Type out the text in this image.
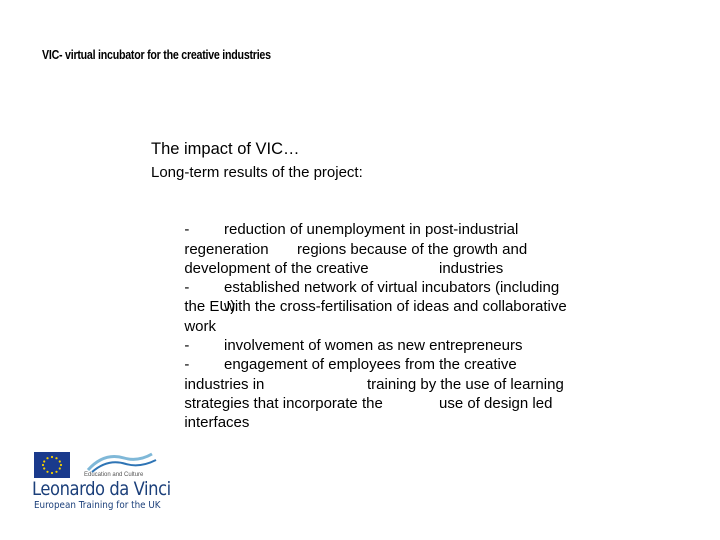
VIC- virtual incubator for the creative industries
The impact of VIC…
Long-term results of the project:

- reduction of unemployment in post-industrial

regeneration regions because of the growth and

development of the creative	industries

- established network of virtual incubators (including

the EU)
with the cross-fertilisation of ideas and collaborative

work

- involvement of women as new entrepreneurs

- engagement of employees from the creative

industries in	training by the use of learning

strategies that incorporate the	use of design led

interfaces

Education and Culture
Leonardo da Vinci
European Training for the UK
